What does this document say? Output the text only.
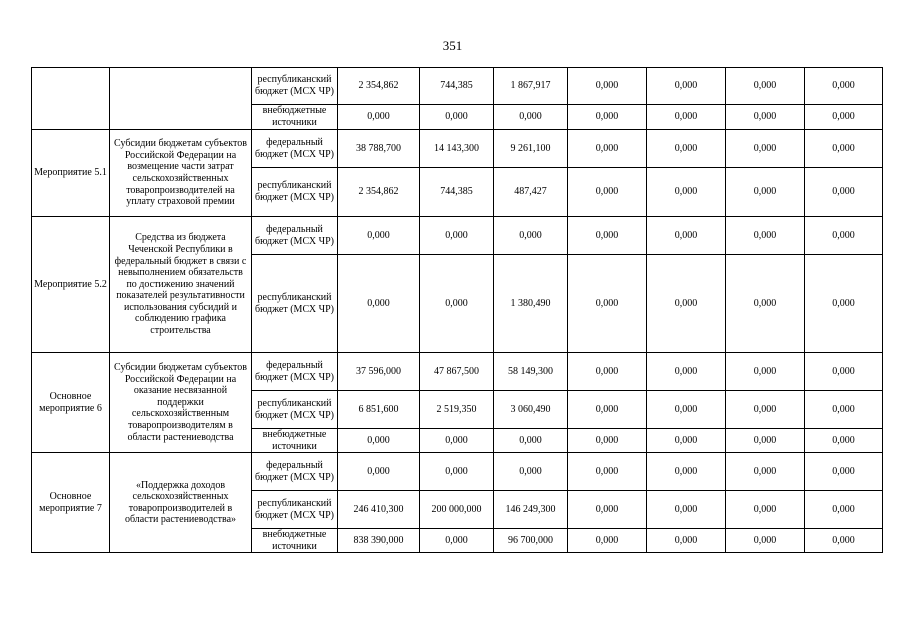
351
		республиканский бюджет (МСХ ЧР)	2 354,862	744,385	1 867,917	0,000	0,000	0,000	0,000
		внебюджетные источники	0,000	0,000	0,000	0,000	0,000	0,000	0,000
Мероприятие 5.1	Субсидии бюджетам субъектов Российской Федерации на возмещение части затрат сельскохозяйственных товаропроизводителей на уплату страховой премии	федеральный бюджет (МСХ ЧР)	38 788,700	14 143,300	9 261,100	0,000	0,000	0,000	0,000
		республиканский бюджет (МСХ ЧР)	2 354,862	744,385	487,427	0,000	0,000	0,000	0,000
Мероприятие 5.2	Средства из бюджета Чеченской Республики в федеральный бюджет в связи с невыполнением обязательств по достижению значений показателей результативности использования субсидий и соблюдению графика строительства	федеральный бюджет (МСХ ЧР)	0,000	0,000	0,000	0,000	0,000	0,000	0,000
		республиканский бюджет (МСХ ЧР)	0,000	0,000	1 380,490	0,000	0,000	0,000	0,000
Основное мероприятие 6	Субсидии бюджетам субъектов Российской Федерации на оказание несвязанной поддержки сельскохозяйственным товаропроизводителям в области растениеводства	федеральный бюджет (МСХ ЧР)	37 596,000	47 867,500	58 149,300	0,000	0,000	0,000	0,000
		республиканский бюджет (МСХ ЧР)	6 851,600	2 519,350	3 060,490	0,000	0,000	0,000	0,000
		внебюджетные источники	0,000	0,000	0,000	0,000	0,000	0,000	0,000
Основное мероприятие 7	«Поддержка доходов сельскохозяйственных товаропроизводителей в области растениеводства»	федеральный бюджет (МСХ ЧР)	0,000	0,000	0,000	0,000	0,000	0,000	0,000
		республиканский бюджет (МСХ ЧР)	246 410,300	200 000,000	146 249,300	0,000	0,000	0,000	0,000
		внебюджетные источники	838 390,000	0,000	96 700,000	0,000	0,000	0,000	0,000
